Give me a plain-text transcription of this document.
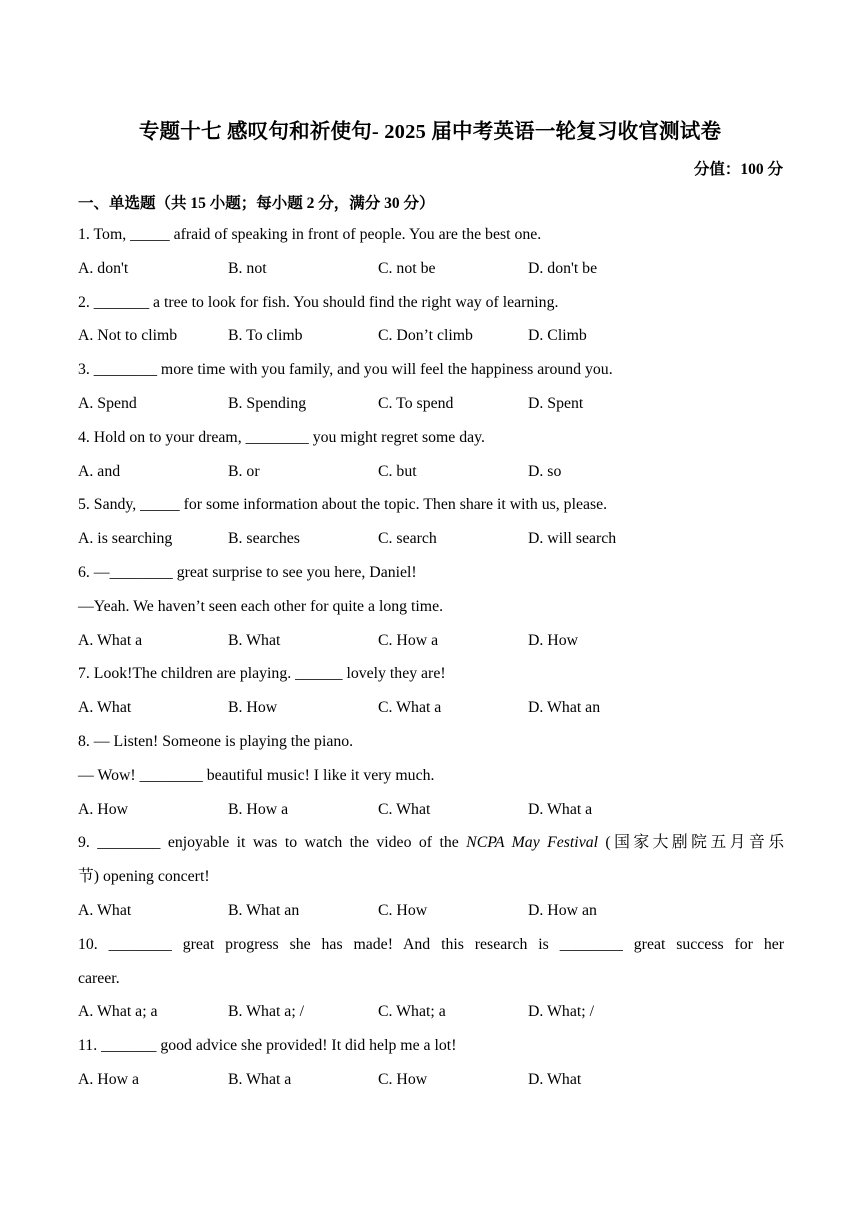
专题十七 感叹句和祈使句- 2025 届中考英语一轮复习收官测试卷
分值：100 分
一、单选题（共 15 小题；每小题 2 分，满分 30 分）
1. Tom, _____ afraid of speaking in front of people. You are the best one.
A. don't	B. not	C. not be	D. don't be
2. _______ a tree to look for fish. You should find the right way of learning.
A. Not to climb	B. To climb	C. Don’t climb	D. Climb
3. ________ more time with you family, and you will feel the happiness around you.
A. Spend	B. Spending	C. To spend	D. Spent
4. Hold on to your dream, ________ you might regret some day.
A. and	B. or	C. but	D. so
5. Sandy, _____ for some information about the topic. Then share it with us, please.
A. is searching	B. searches	C. search	D. will search
6. —________ great surprise to see you here, Daniel!
—Yeah. We haven’t seen each other for quite a long time.
A. What a	B. What	C. How a	D. How
7. Look!The children are playing. ______ lovely they are!
A. What	B. How	C. What a	D. What an
8. — Listen! Someone is playing the piano.
— Wow! ________ beautiful music! I like it very much.
A. How	B. How a	C. What	D. What a
9. ________ enjoyable it was to watch the video of the NCPA May Festival (国家大剧院五月音乐
节) opening concert!
A. What	B. What an	C. How	D. How an
10. ________ great progress she has made! And this research is ________ great success for her
career.
A. What a; a	B. What a; /	C. What; a	D. What; /
11. _______ good advice she provided! It did help me a lot!
A. How a	B. What a	C. How	D. What
